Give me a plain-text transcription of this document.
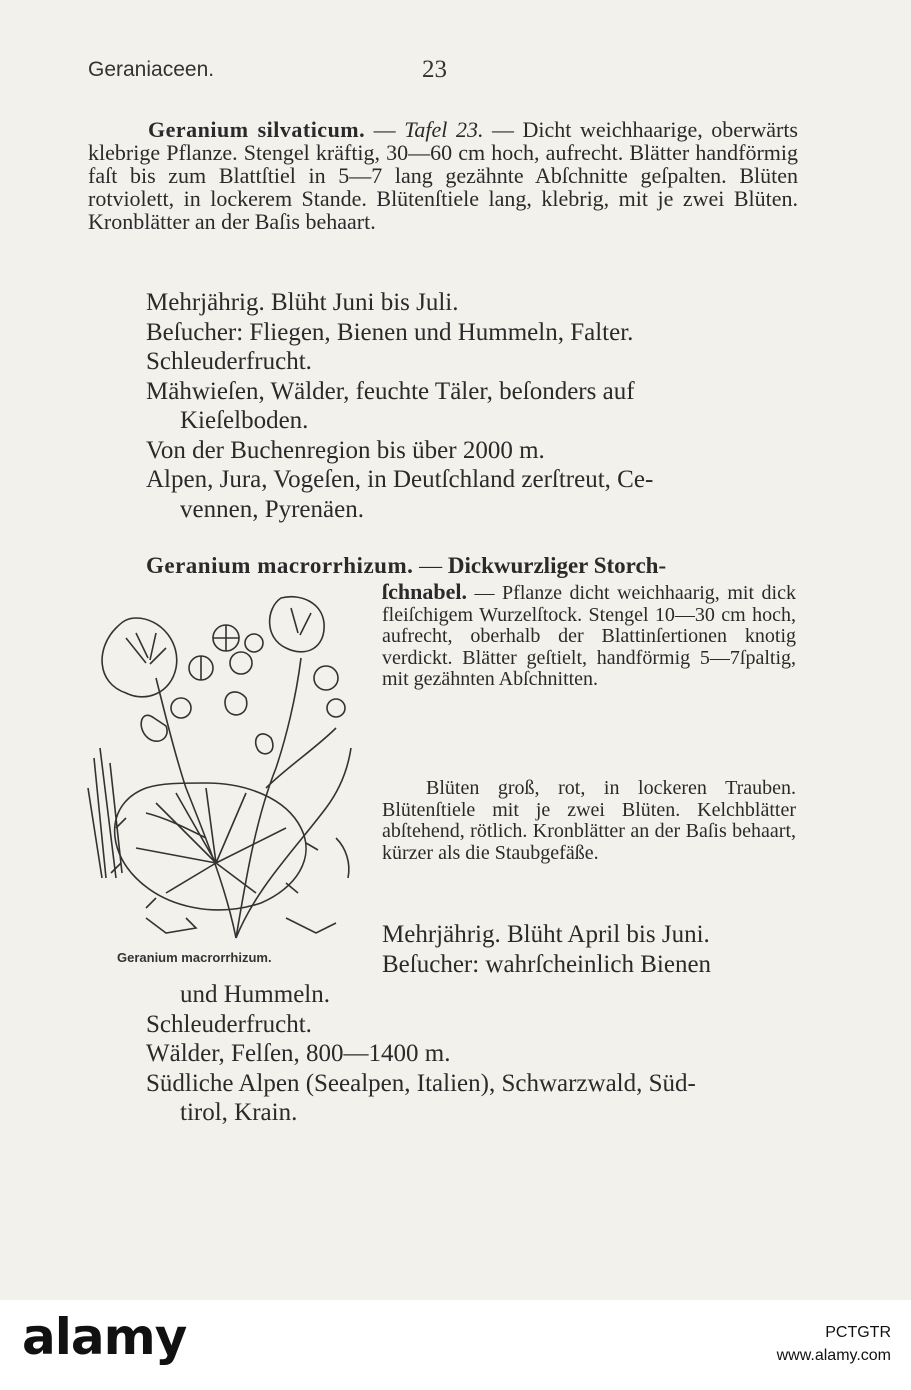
Geraniaceen.	23
Geranium silvaticum. — Tafel 23. — Dicht weichhaarige, oberwärts klebrige Pflanze. Stengel kräftig, 30—60 cm hoch, aufrecht. Blätter handförmig faſt bis zum Blattſtiel in 5—7 lang gezähnte Abſchnitte geſpalten. Blüten rotviolett, in lockerem Stande. Blütenſtiele lang, klebrig, mit je zwei Blüten. Kronblätter an der Baſis behaart.
Mehrjährig. Blüht Juni bis Juli.
Beſucher: Fliegen, Bienen und Hummeln, Falter.
Schleuderfrucht.
Mähwieſen, Wälder, feuchte Täler, beſonders auf
Kieſelboden.
Von der Buchenregion bis über 2000 m.
Alpen, Jura, Vogeſen, in Deutſchland zerſtreut, Ce-
vennen, Pyrenäen.
Geranium macrorrhizum. — Dickwurzliger Storch-
Geranium macrorrhizum.
ſchnabel. — Pflanze dicht weichhaarig, mit dick fleiſchigem Wurzelſtock. Stengel 10—30 cm hoch, aufrecht, oberhalb der Blattinſertionen knotig verdickt. Blätter geſtielt, handförmig 5—7ſpaltig, mit gezähnten Abſchnitten.
Blüten groß, rot, in lockeren Trauben. Blütenſtiele mit je zwei Blüten. Kelchblätter abſtehend, rötlich. Kronblätter an der Baſis behaart, kürzer als die Staubgefäße.
Mehrjährig. Blüht April bis Juni.
Beſucher: wahrſcheinlich Bienen
und Hummeln.
Schleuderfrucht.
Wälder, Felſen, 800—1400 m.
Südliche Alpen (Seealpen, Italien), Schwarzwald, Süd-
tirol, Krain.
alamy	PCTGTR
www.alamy.com
